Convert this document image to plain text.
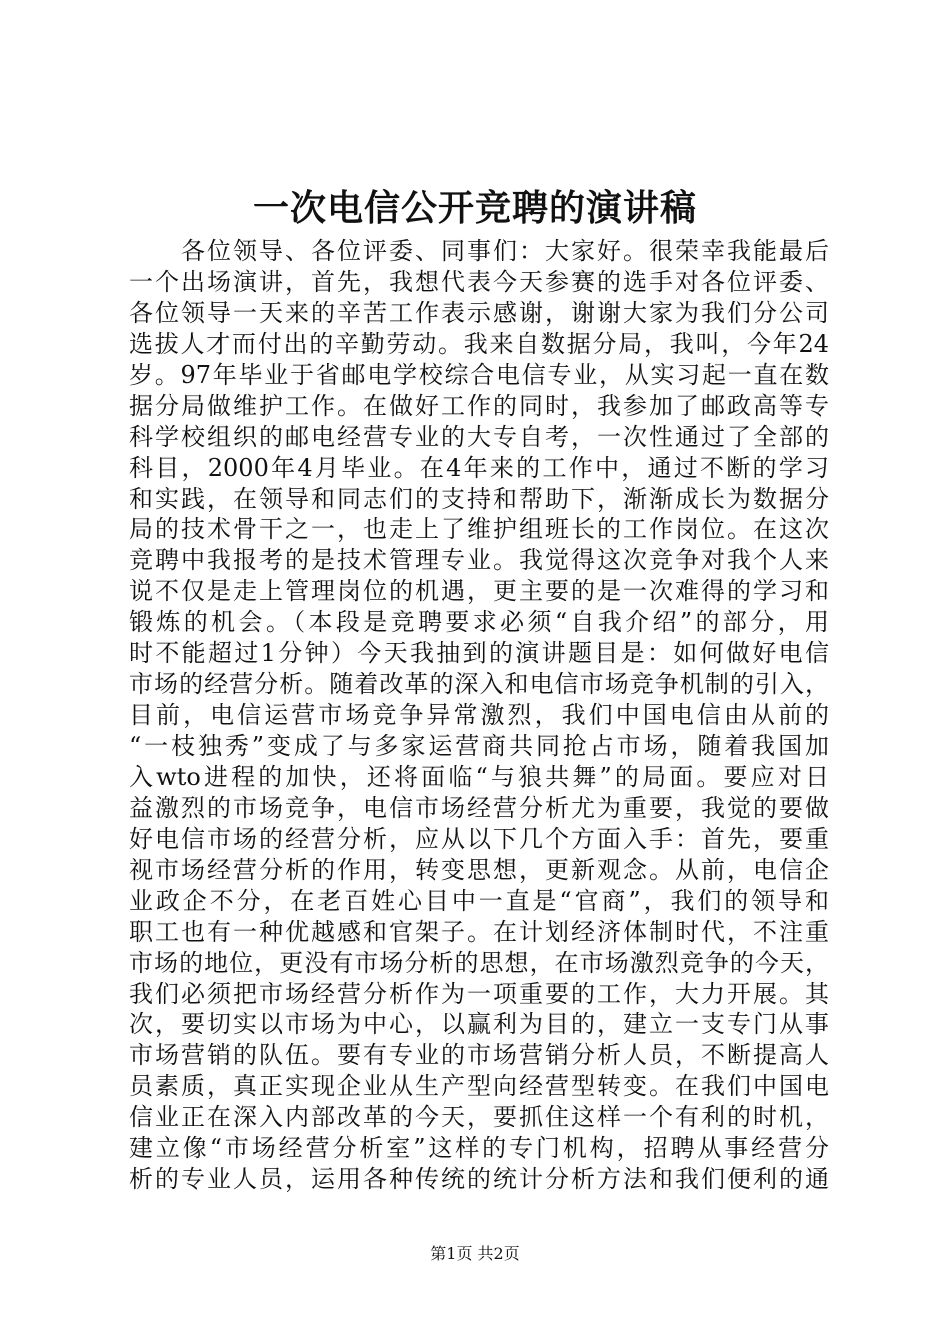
一次电信公开竞聘的演讲稿
　　各位领导、各位评委、同事们：大家好。很荣幸我能最后
一个出场演讲，首先，我想代表今天参赛的选手对各位评委、
各位领导一天来的辛苦工作表示感谢，谢谢大家为我们分公司
选拔人才而付出的辛勤劳动。我来自数据分局，我叫，今年24
岁。97年毕业于省邮电学校综合电信专业，从实习起一直在数
据分局做维护工作。在做好工作的同时，我参加了邮政高等专
科学校组织的邮电经营专业的大专自考，一次性通过了全部的
科目，2000年4月毕业。在4年来的工作中，通过不断的学习
和实践，在领导和同志们的支持和帮助下，渐渐成长为数据分
局的技术骨干之一，也走上了维护组班长的工作岗位。在这次
竞聘中我报考的是技术管理专业。我觉得这次竞争对我个人来
说不仅是走上管理岗位的机遇，更主要的是一次难得的学习和
锻炼的机会。（本段是竞聘要求必须“自我介绍”的部分，用
时不能超过1分钟）今天我抽到的演讲题目是：如何做好电信
市场的经营分析。随着改革的深入和电信市场竞争机制的引入，
目前，电信运营市场竞争异常激烈，我们中国电信由从前的
“一枝独秀”变成了与多家运营商共同抢占市场，随着我国加
入wto进程的加快，还将面临“与狼共舞”的局面。要应对日
益激烈的市场竞争，电信市场经营分析尤为重要，我觉的要做
好电信市场的经营分析，应从以下几个方面入手：首先，要重
视市场经营分析的作用，转变思想，更新观念。从前，电信企
业政企不分，在老百姓心目中一直是“官商”，我们的领导和
职工也有一种优越感和官架子。在计划经济体制时代，不注重
市场的地位，更没有市场分析的思想，在市场激烈竞争的今天，
我们必须把市场经营分析作为一项重要的工作，大力开展。其
次，要切实以市场为中心，以赢利为目的，建立一支专门从事
市场营销的队伍。要有专业的市场营销分析人员，不断提高人
员素质，真正实现企业从生产型向经营型转变。在我们中国电
信业正在深入内部改革的今天，要抓住这样一个有利的时机，
建立像“市场经营分析室”这样的专门机构，招聘从事经营分
析的专业人员，运用各种传统的统计分析方法和我们便利的通
第1页 共2页
